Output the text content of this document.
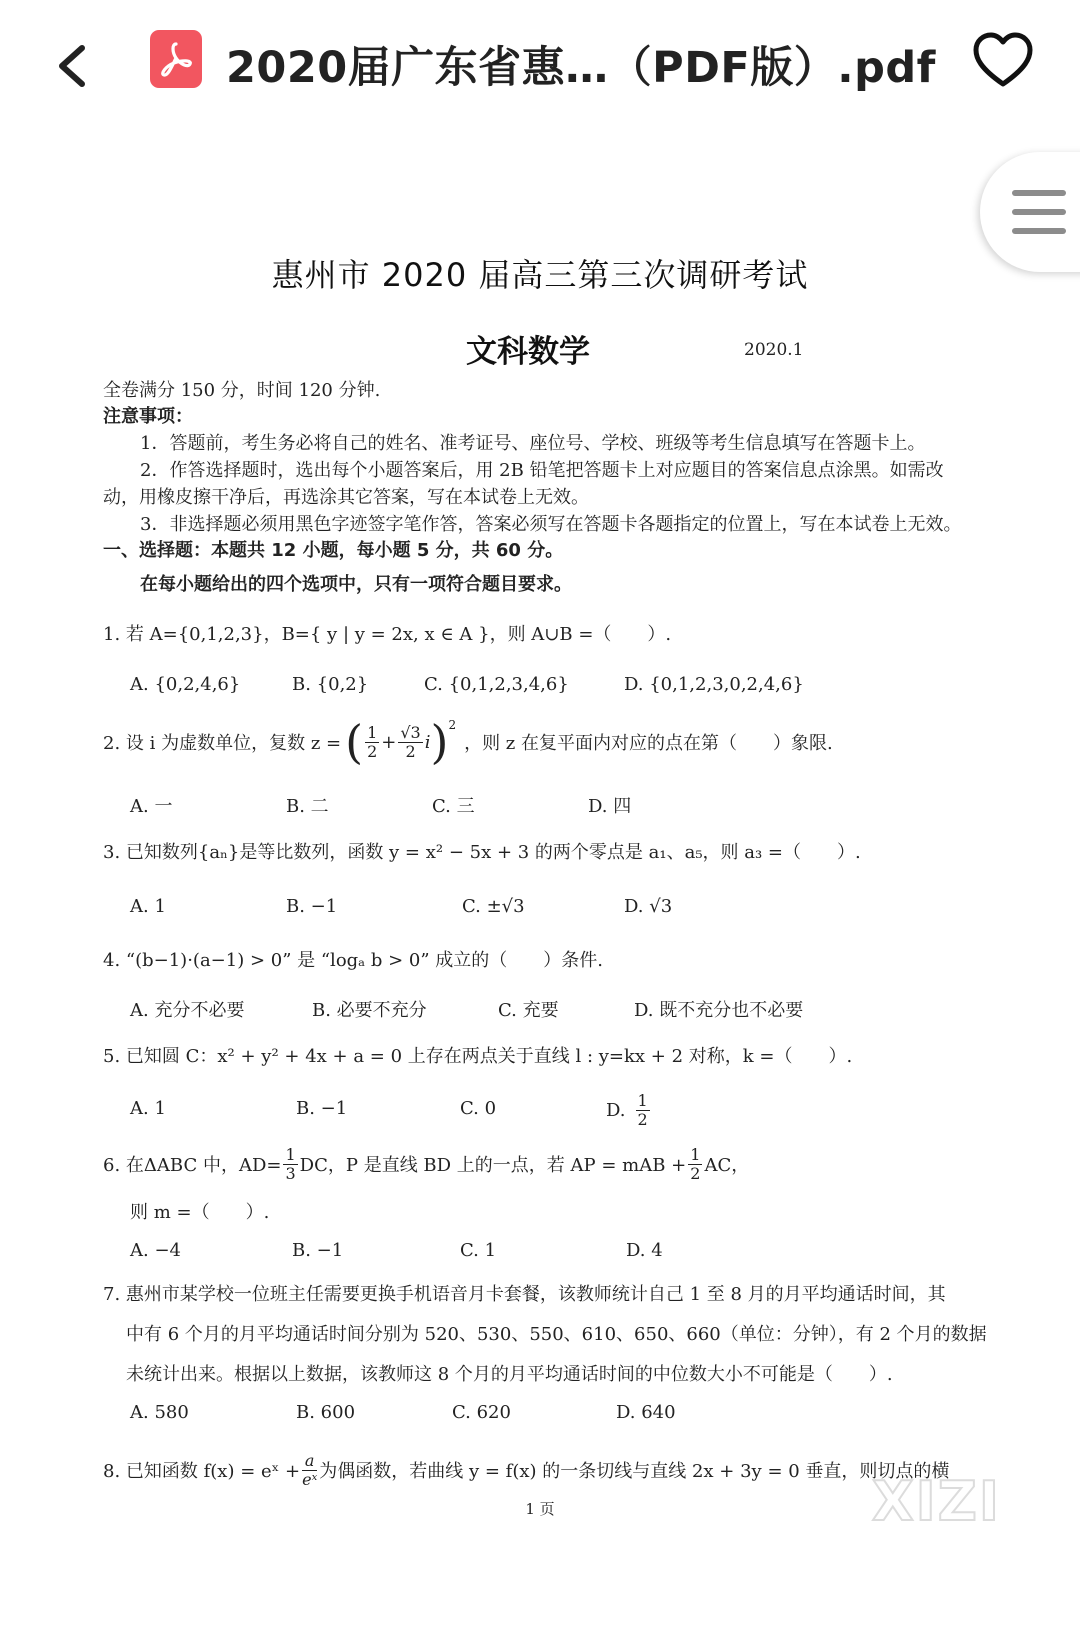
2020届广东省惠…（PDF版）.pdf
惠州市 2020 届高三第三次调研考试
文科数学	2020.1
全卷满分 150 分，时间 120 分钟.
注意事项：
1．答题前，考生务必将自己的姓名、准考证号、座位号、学校、班级等考生信息填写在答题卡上。
2．作答选择题时，选出每个小题答案后，用 2B 铅笔把答题卡上对应题目的答案信息点涂黑。如需改
动，用橡皮擦干净后，再选涂其它答案，写在本试卷上无效。
3．非选择题必须用黑色字迹签字笔作答，答案必须写在答题卡各题指定的位置上，写在本试卷上无效。
一、选择题：本题共 12 小题，每小题 5 分，共 60 分。
在每小题给出的四个选项中，只有一项符合题目要求。
1. 若 A={0,1,2,3}，B={ y | y = 2x, x ∈ A }，则 A∪B =（　　）.
A. {0,2,4,6}	B. {0,2}	C. {0,1,2,3,4,6}	D. {0,1,2,3,0,2,4,6}
2. 设 i 为虚数单位，复数 z = ( $\frac{1}{2} + \frac{√3}{2}$ i ) 2
，则 z 在复平面内对应的点在第（　　）象限.
A. 一	B. 二	C. 三	D. 四
3. 已知数列{aₙ}是等比数列，函数 y = x² − 5x + 3 的两个零点是 a₁、a₅，则 a₃ =（　　）.
A. 1	B. −1	C. ±√3	D. √3
4. “(b−1)·(a−1) > 0” 是 “logₐ b > 0” 成立的（　　）条件.
A. 充分不必要	B. 必要不充分	C. 充要	D. 既不充分也不必要
5. 已知圆 C：x² + y² + 4x + a = 0 上存在两点关于直线 l : y=kx + 2 对称，k =（　　）.
A. 1	B. −1	C. 0	D. $\frac{1}{2}$
6. 在ΔABC 中，$AD= \frac{1}{3}$ DC，P 是直线 BD 上的一点，若 AP = mAB + $\frac{1}{2}$ AC，
则 m =（　　）.
A. −4	B. −1	C. 1	D. 4
7. 惠州市某学校一位班主任需要更换手机语音月卡套餐，该教师统计自己 1 至 8 月的月平均通话时间，其
中有 6 个月的月平均通话时间分别为 520、530、550、610、650、660（单位：分钟），有 2 个月的数据
未统计出来。根据以上数据，该教师这 8 个月的月平均通话时间的中位数大小不可能是（　　）.
A. 580	B. 600	C. 620	D. 640
8. 已知函数 f(x) = eˣ + $\frac{a}{\text{eˣ}}$ 为偶函数，若曲线 y = f(x) 的一条切线与直线 2x + 3y = 0 垂直，则切点的横
XIZI
1 页
